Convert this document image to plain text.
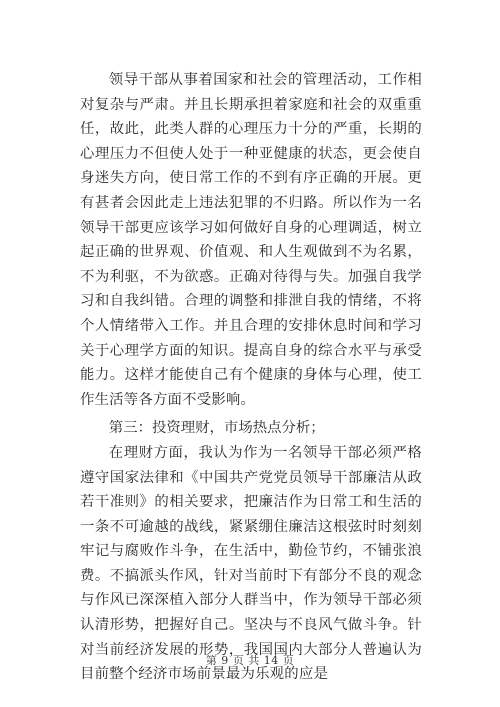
领导干部从事着国家和社会的管理活动，工作相对复杂与严肃。并且长期承担着家庭和社会的双重重任，故此，此类人群的心理压力十分的严重，长期的心理压力不但使人处于一种亚健康的状态，更会使自身迷失方向，使日常工作的不到有序正确的开展。更有甚者会因此走上违法犯罪的不归路。所以作为一名领导干部更应该学习如何做好自身的心理调适，树立起正确的世界观、价值观、和人生观做到不为名累，不为利驱，不为欲惑。正确对待得与失。加强自我学习和自我纠错。合理的调整和排泄自我的情绪，不将个人情绪带入工作。并且合理的安排休息时间和学习关于心理学方面的知识。提高自身的综合水平与承受能力。这样才能使自己有个健康的身体与心理，使工作生活等各方面不受影响。

第三：投资理财，市场热点分析；

在理财方面，我认为作为一名领导干部必须严格遵守国家法律和《中国共产党党员领导干部廉洁从政若干准则》的相关要求，把廉洁作为日常工和生活的一条不可逾越的战线，紧紧绷住廉洁这根弦时时刻刻牢记与腐败作斗争，在生活中，勤俭节约，不铺张浪费。不搞派头作风，针对当前时下有部分不良的观念与作风已深深植入部分人群当中，作为领导干部必须认清形势，把握好自己。坚决与不良风气做斗争。针对当前经济发展的形势，我国国内大部分人普遍认为目前整个经济市场前景最为乐观的应是

第 9 页 共 14 页
